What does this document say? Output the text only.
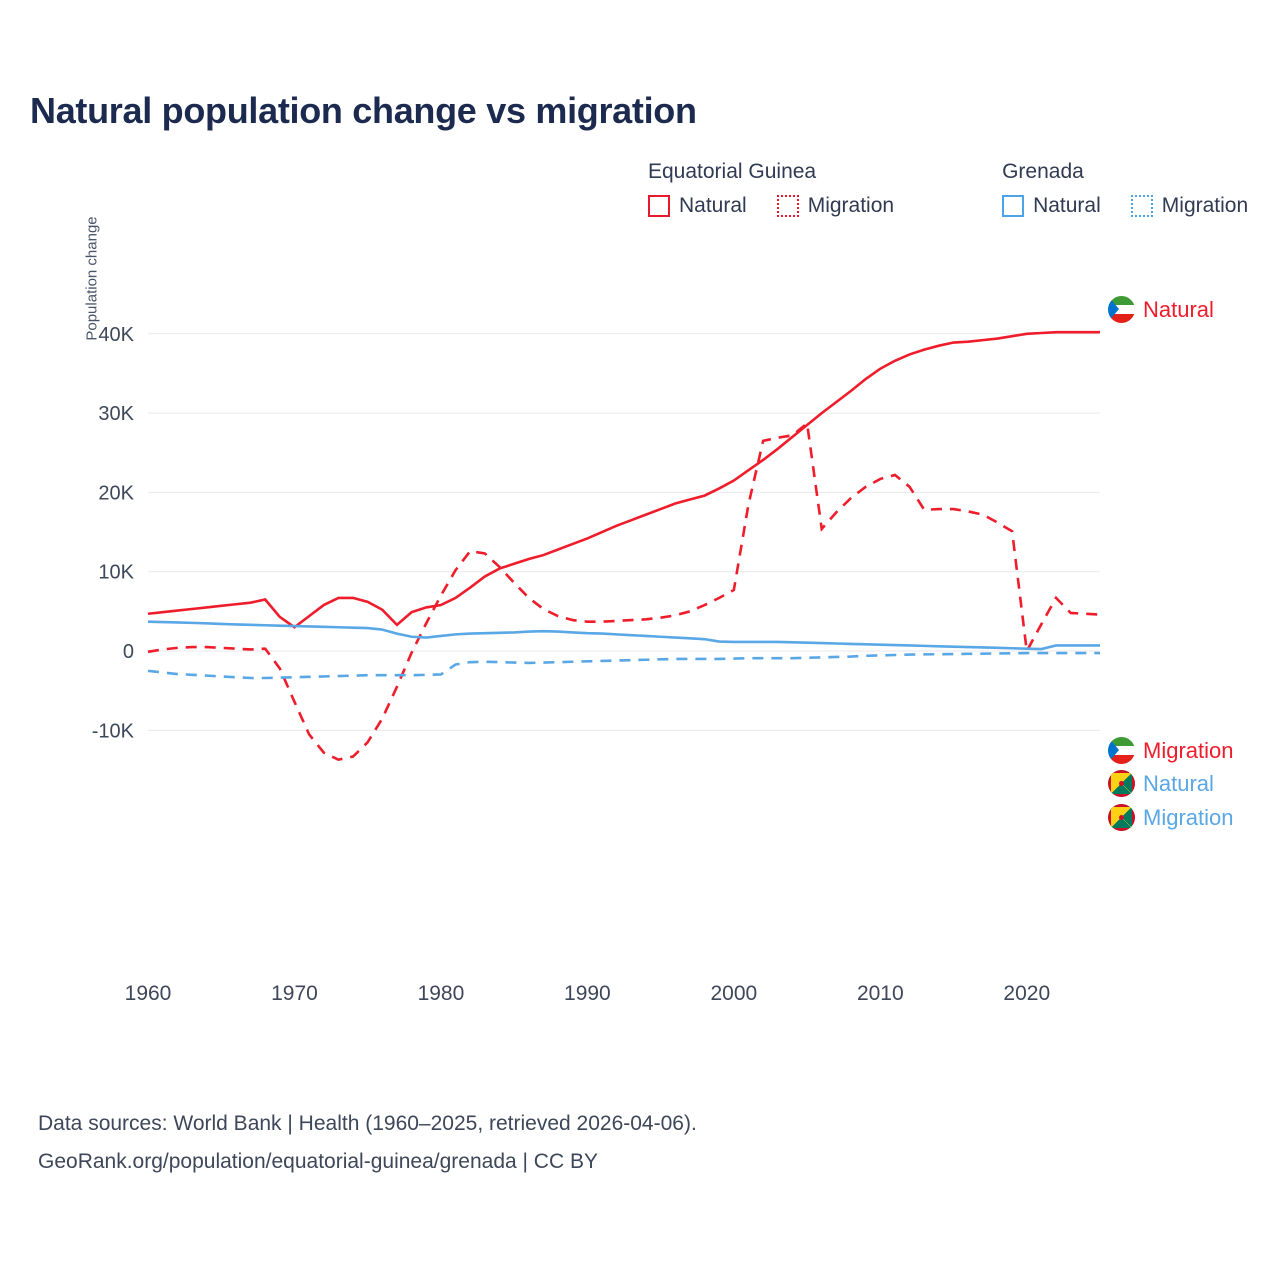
Natural population change vs migration
Equatorial Guinea
Natural	Migration
Grenada
Natural	Migration
Population change
-10K
0
10K
20K
30K
40K
1960	1970	1980	1990	2000	2010	2020
Data sources: World Bank | Health (1960–2025, retrieved 2026-04-06).
GeoRank.org/population/equatorial-guinea/grenada | CC BY
Natural
Migration
Natural
Migration
